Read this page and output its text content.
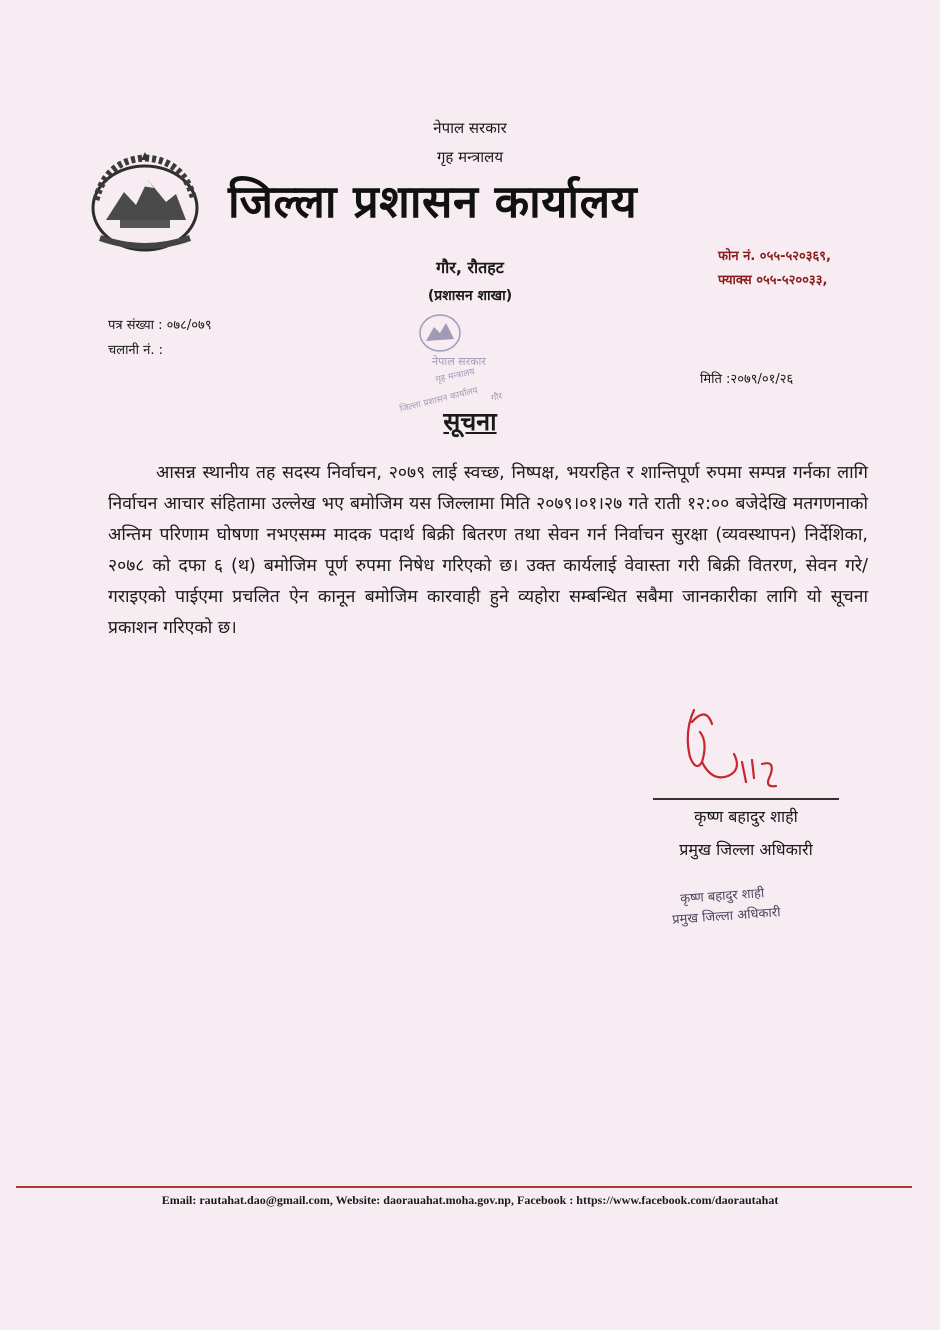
नेपाल सरकार
गृह मन्त्रालय
जिल्ला प्रशासन कार्यालय
गौर, रौतहट
(प्रशासन शाखा)
फोन नं. ०५५-५२०३६९,
फ्याक्स ०५५-५२००३३,
पत्र संख्या : ०७८/०७९
चलानी नं. :
मिति :२०७९/०१/२६
नेपाल सरकार
गृह मन्त्रालय
जिल्ला प्रशासन कार्यालय गौर
सूचना
आसन्न स्थानीय तह सदस्य निर्वाचन, २०७९ लाई स्वच्छ, निष्पक्ष, भयरहित र शान्तिपूर्ण रुपमा सम्पन्न गर्नका लागि निर्वाचन आचार संहितामा उल्लेख भए बमोजिम यस जिल्लामा मिति २०७९।०१।२७ गते राती १२:०० बजेदेखि मतगणनाको अन्तिम परिणाम घोषणा नभएसम्म मादक पदार्थ बिक्री बितरण तथा सेवन गर्न निर्वाचन सुरक्षा (व्यवस्थापन) निर्देशिका, २०७८ को दफा ६ (थ) बमोजिम पूर्ण रुपमा निषेध गरिएको छ। उक्त कार्यलाई वेवास्ता गरी बिक्री वितरण, सेवन गरे/गराइएको पाईएमा प्रचलित ऐन कानून बमोजिम कारवाही हुने व्यहोरा सम्बन्धित सबैमा जानकारीका लागि यो सूचना प्रकाशन गरिएको छ।
कृष्ण बहादुर शाही
प्रमुख जिल्ला अधिकारी
कृष्ण बहादुर शाही
प्रमुख जिल्ला अधिकारी
Email: rautahat.dao@gmail.com, Website: daorauahat.moha.gov.np, Facebook : https://www.facebook.com/daorautahat
